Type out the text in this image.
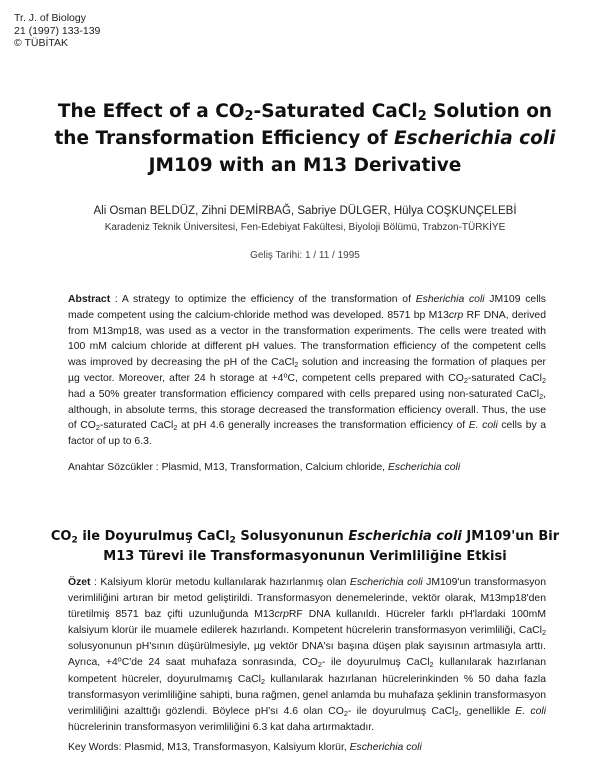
Tr. J. of Biology
21 (1997) 133-139
© TÜBİTAK
The Effect of a $CO_2$-Saturated CaCl$_2$ Solution on
the Transformation Efficiency of Escherichia coli
JM109 with an M13 Derivative
Ali Osman BELDÜZ, Zihni DEMİRBAĞ, Sabriye DÜLGER, Hülya COŞKUNÇELEBİ
Karadeniz Teknik Üniversitesi, Fen-Edebiyat Fakültesi, Biyoloji Bölümü, Trabzon-TÜRKİYE
Geliş Tarihi: 1 / 11 / 1995
Abstract : A strategy to optimize the efficiency of the transformation of Esherichia coli JM109 cells made competent using the calcium-chloride method was developed. 8571 bp M13crp RF DNA, derived from M13mp18, was used as a vector in the transformation experiments. The cells were treated with 100 mM calcium chloride at different pH values. The transformation efficiency of the competent cells was improved by decreasing the pH of the CaCl$_2$ solution and increasing the formation of plaques per µg vector. Moreover, after 24 h storage at $+4^oC$, competent cells prepared with $CO_2$-saturated CaCl$_2$ had a 50% greater transformation efficiency compared with cells prepared using non-saturated CaCl$_2$, although, in absolute terms, this storage decreased the transformation efficiency overall. Thus, the use of $CO_2$-saturated CaCl$_2$ at pH 4.6 generally increases the transformation efficiency of E. coli cells by a factor of up to 6.3.
Anahtar Sözcükler : Plasmid, M13, Transformation, Calcium chloride, Escherichia coli
$CO_2$ ile Doyurulmuş CaCl$_2$ Solusyonunun Escherichia coli JM109'un Bir
M13 Türevi ile Transformasyonunun Verimliliğine Etkisi
Özet : Kalsiyum klorür metodu kullanılarak hazırlanmış olan Escherichia coli JM109'un transformasyon verimliliğini artıran bir metod geliştirildi. Transformasyon denemelerinde, vektör olarak, M13mp18'den türetilmiş 8571 baz çifti uzunluğunda M13crpRF DNA kullanıldı. Hücreler farklı pH'lardaki 100mM kalsiyum klorür ile muamele edilerek hazırlandı. Kompetent hücrelerin transformasyon verimliliği, CaCl$_2$ solusyonunun pH'sının düşürülmesiyle, µg vektör DNA'sı başına düşen plak sayısının artmasıyla arttı. Ayrıca, $+4^oC'de$ 24 saat muhafaza sonrasında, $CO_2-$ ile doyurulmuş CaCl$_2$ kullanılarak hazırlanan kompetent hücreler, doyurulmamış CaCl$_2$ kullanılarak hazırlanan hücrelerinkinden % 50 daha fazla transformasyon verimliliğine sahipti, buna rağmen, genel anlamda bu muhafaza şeklinin transformasyon verimliliğini azalttığı gözlendi. Böylece pH'sı 4.6 olan $CO_2-$ ile doyurulmuş CaCl$_2$, genellikle E. coli hücrelerinin transformasyon verimliliğini 6.3 kat daha artırmaktadır.
Key Words: Plasmid, M13, Transformasyon, Kalsiyum klorür, Escherichia coli
